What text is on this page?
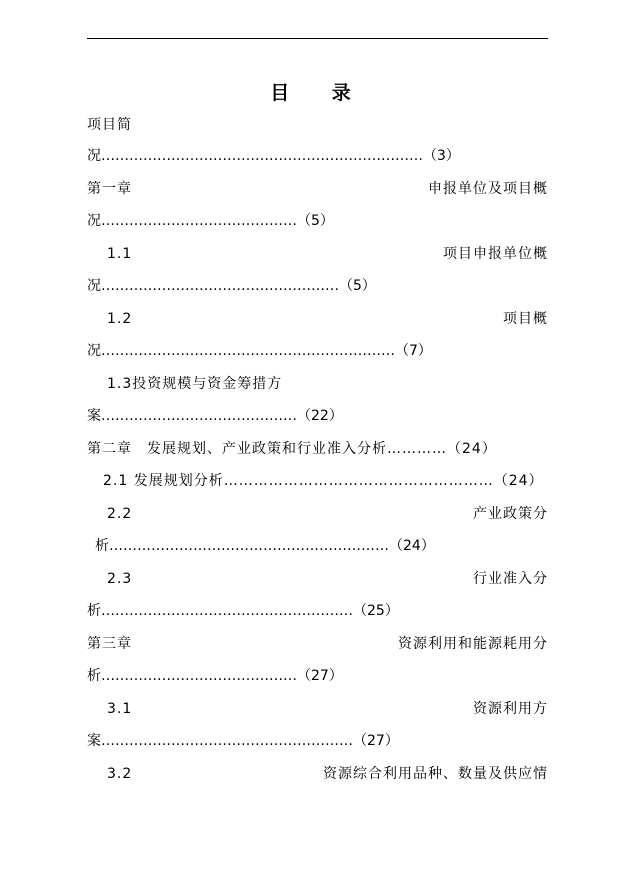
目 录
项目简
况……………………………………………………………（3）
第一章	申报单位及项目概
况……………………………………（5）
1.1	项目申报单位概
况……………………………………………（5）
1.2	项目概
况………………………………………………………（7）
1.3投资规模与资金筹措方
案……………………………………（22）
第二章　发展规划、产业政策和行业准入分析…………（24）
2.1 发展规划分析………………………………………………（24）
2.2	产业政策分
析……………………………………………………（24）
2.3	行业准入分
析………………………………………………（25）
第三章	资源利用和能源耗用分
析……………………………………（27）
3.1	资源利用方
案………………………………………………（27）
3.2	资源综合利用品种、数量及供应情
